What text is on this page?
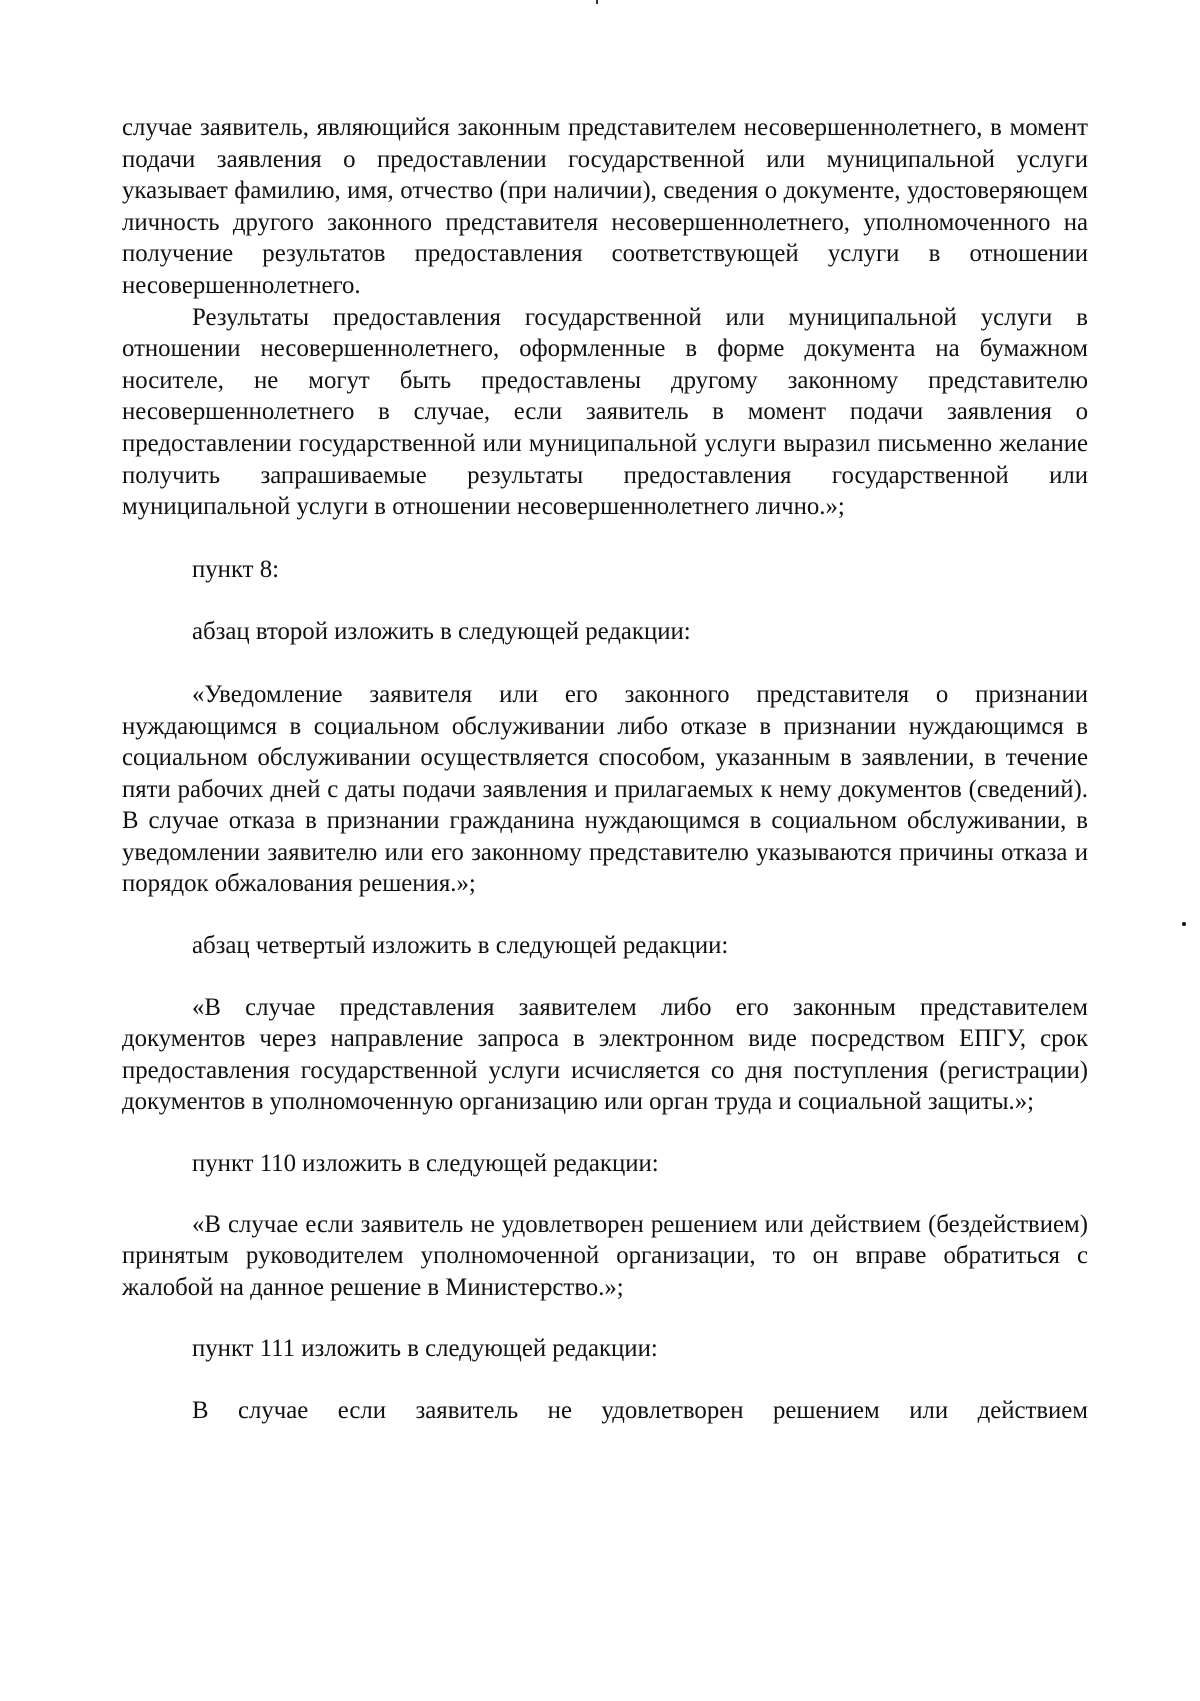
случае заявитель, являющийся законным представителем несовершеннолетнего, в момент подачи заявления о предоставлении государственной или муниципальной услуги указывает фамилию, имя, отчество (при наличии), сведения о документе, удостоверяющем личность другого законного представителя несовершеннолетнего, уполномоченного на получение результатов предоставления соответствующей услуги в отношении несовершеннолетнего.

Результаты предоставления государственной или муниципальной услуги в отношении несовершеннолетнего, оформленные в форме документа на бумажном носителе, не могут быть предоставлены другому законному представителю несовершеннолетнего в случае, если заявитель в момент подачи заявления о предоставлении государственной или муниципальной услуги выразил письменно желание получить запрашиваемые результаты предоставления государственной или муниципальной услуги в отношении несовершеннолетнего лично.»;

пункт 8:

абзац второй изложить в следующей редакции:

«Уведомление заявителя или его законного представителя о признании нуждающимся в социальном обслуживании либо отказе в признании нуждающимся в социальном обслуживании осуществляется способом, указанным в заявлении, в течение пяти рабочих дней с даты подачи заявления и прилагаемых к нему документов (сведений). В случае отказа в признании гражданина нуждающимся в социальном обслуживании, в уведомлении заявителю или его законному представителю указываются причины отказа и порядок обжалования решения.»;

абзац четвертый изложить в следующей редакции:

«В случае представления заявителем либо его законным представителем документов через направление запроса в электронном виде посредством ЕПГУ, срок предоставления государственной услуги исчисляется со дня поступления (регистрации) документов в уполномоченную организацию или орган труда и социальной защиты.»;

пункт 110 изложить в следующей редакции:

«В случае если заявитель не удовлетворен решением или действием (бездействием) принятым руководителем уполномоченной организации, то он вправе обратиться с жалобой на данное решение в Министерство.»;

пункт 111 изложить в следующей редакции:

В случае если заявитель не удовлетворен решением или действием
